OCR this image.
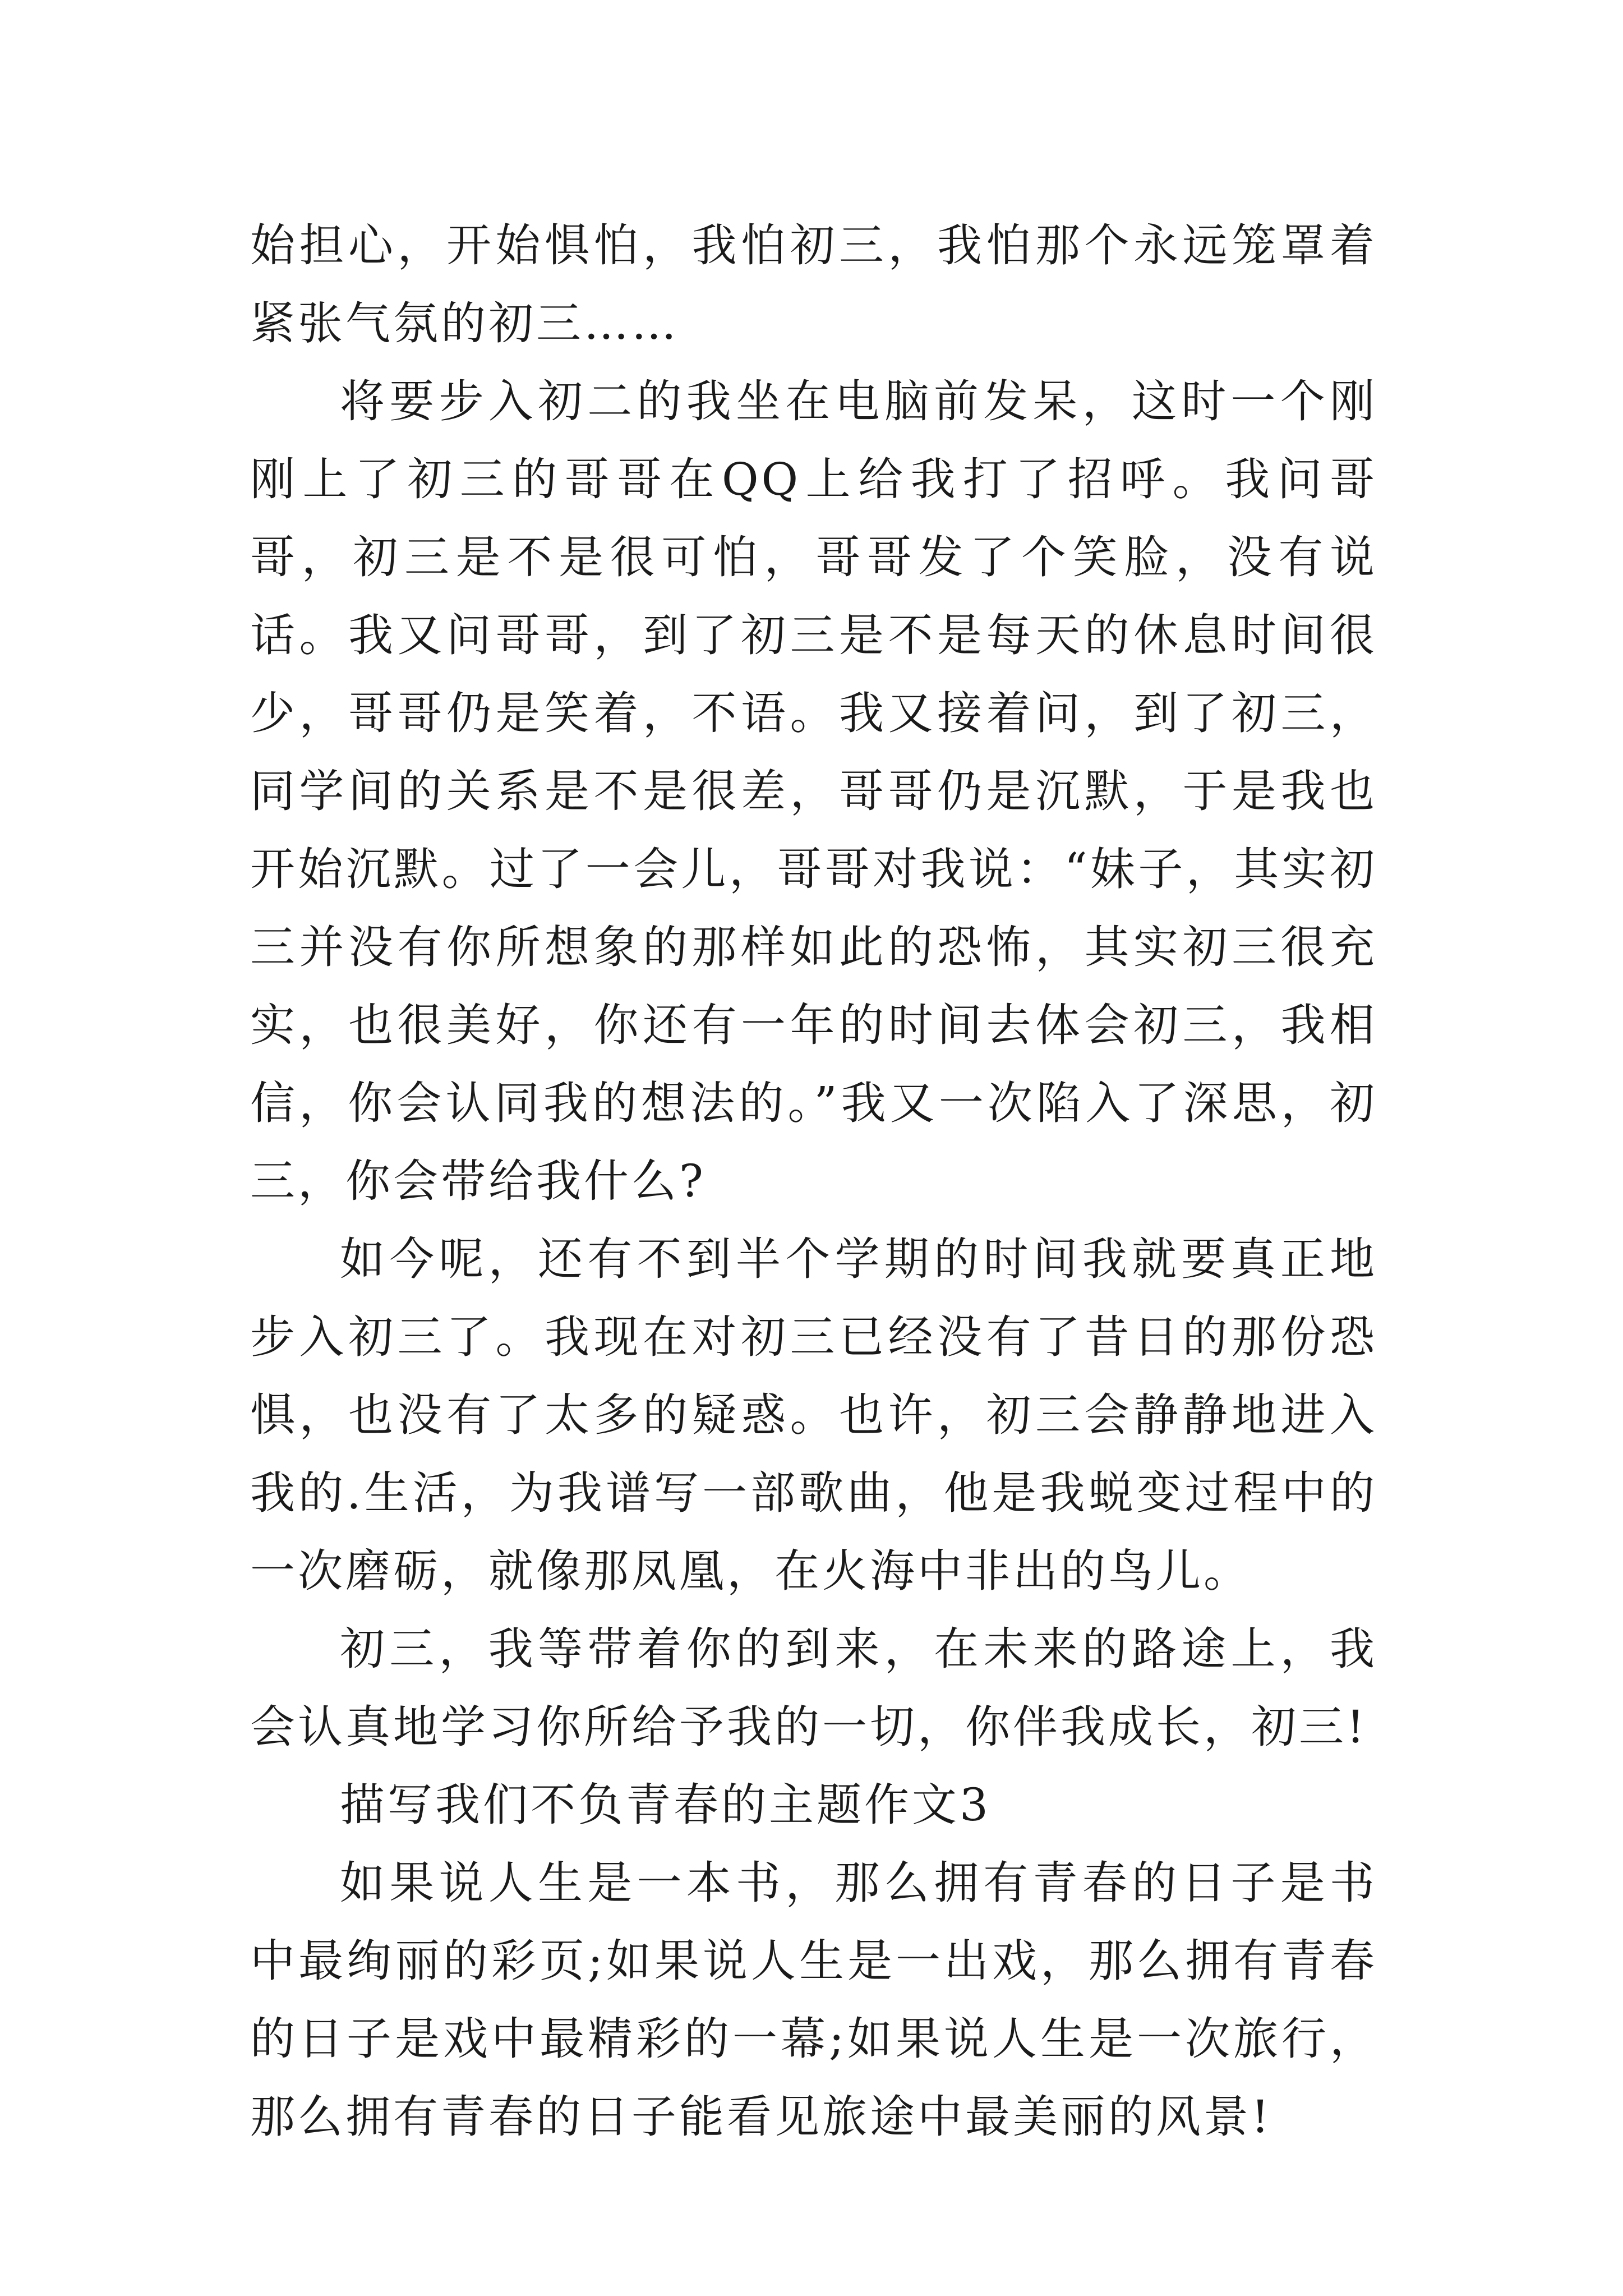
始担心，开始惧怕，我怕初三，我怕那个永远笼罩着紧张气氛的初三……

将要步入初二的我坐在电脑前发呆，这时一个刚刚上了初三的哥哥在QQ上给我打了招呼。我问哥哥，初三是不是很可怕，哥哥发了个笑脸，没有说话。我又问哥哥，到了初三是不是每天的休息时间很少，哥哥仍是笑着，不语。我又接着问，到了初三，同学间的关系是不是很差，哥哥仍是沉默，于是我也开始沉默。过了一会儿，哥哥对我说：“妹子，其实初三并没有你所想象的那样如此的恐怖，其实初三很充实，也很美好，你还有一年的时间去体会初三，我相信，你会认同我的想法的。”我又一次陷入了深思，初三，你会带给我什么?

如今呢，还有不到半个学期的时间我就要真正地步入初三了。我现在对初三已经没有了昔日的那份恐惧，也没有了太多的疑惑。也许，初三会静静地进入我的.生活，为我谱写一部歌曲，他是我蜕变过程中的一次磨砺，就像那凤凰，在火海中非出的鸟儿。

初三，我等带着你的到来，在未来的路途上，我会认真地学习你所给予我的一切，你伴我成长，初三!

描写我们不负青春的主题作文3

如果说人生是一本书，那么拥有青春的日子是书中最绚丽的彩页;如果说人生是一出戏，那么拥有青春的日子是戏中最精彩的一幕;如果说人生是一次旅行，那么拥有青春的日子能看见旅途中最美丽的风景!
